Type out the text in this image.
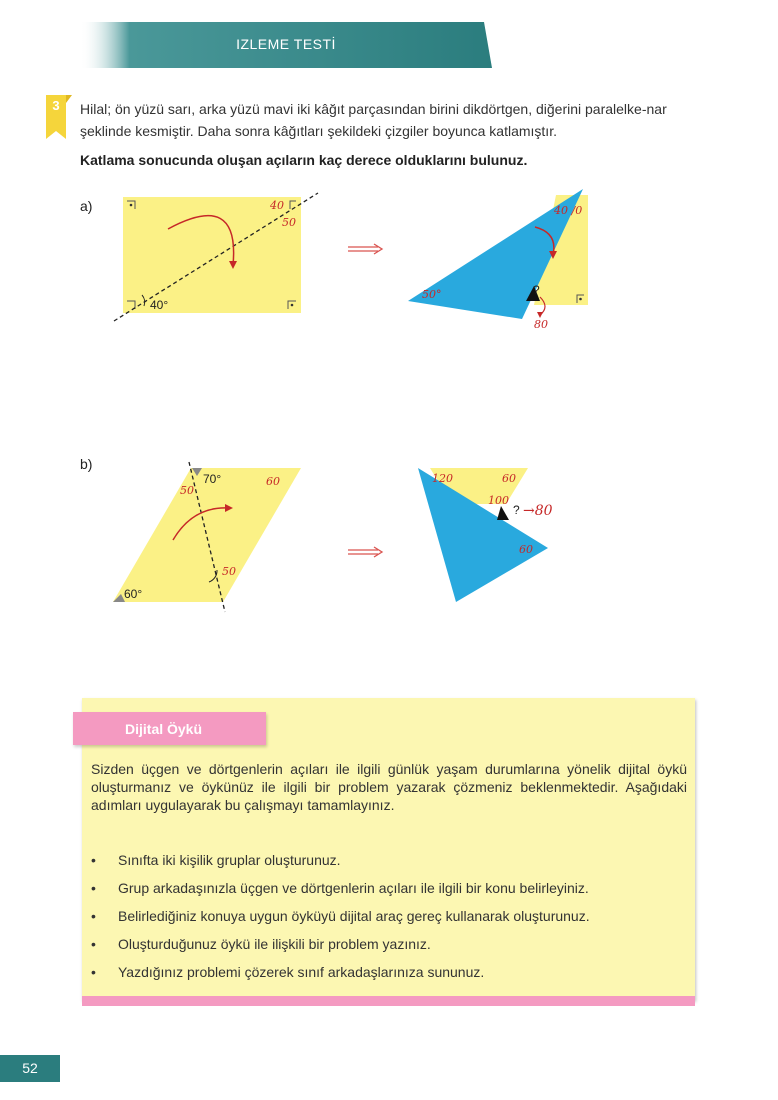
IZLEME TESTİ
3	Hilal; ön yüzü sarı, arka yüzü mavi iki kâğıt parçasından birini dikdörtgen, diğerini paralelke-nar şeklinde kesmiştir. Daha sonra kâğıtları şekildeki çizgiler boyunca katlamıştır.
Katlama sonucunda oluşan açıların kaç derece olduklarını bulunuz.
a)
40°
40
50
?
50°
40 /0
80
b)
70°
60°
50
60
50
? →80
120	60
100
60
Dijital Öykü
Sizden üçgen ve dörtgenlerin açıları ile ilgili günlük yaşam durumlarına yönelik dijital öykü oluşturmanız ve öykünüz ile ilgili bir problem yazarak çözmeniz beklenmektedir. Aşağıdaki adımları uygulayarak bu çalışmayı tamamlayınız.
• Sınıfta iki kişilik gruplar oluşturunuz.
• Grup arkadaşınızla üçgen ve dörtgenlerin açıları ile ilgili bir konu belirleyiniz.
• Belirlediğiniz konuya uygun öyküyü dijital araç gereç kullanarak oluşturunuz.
• Oluşturduğunuz öykü ile ilişkili bir problem yazınız.
• Yazdığınız problemi çözerek sınıf arkadaşlarınıza sununuz.
52
